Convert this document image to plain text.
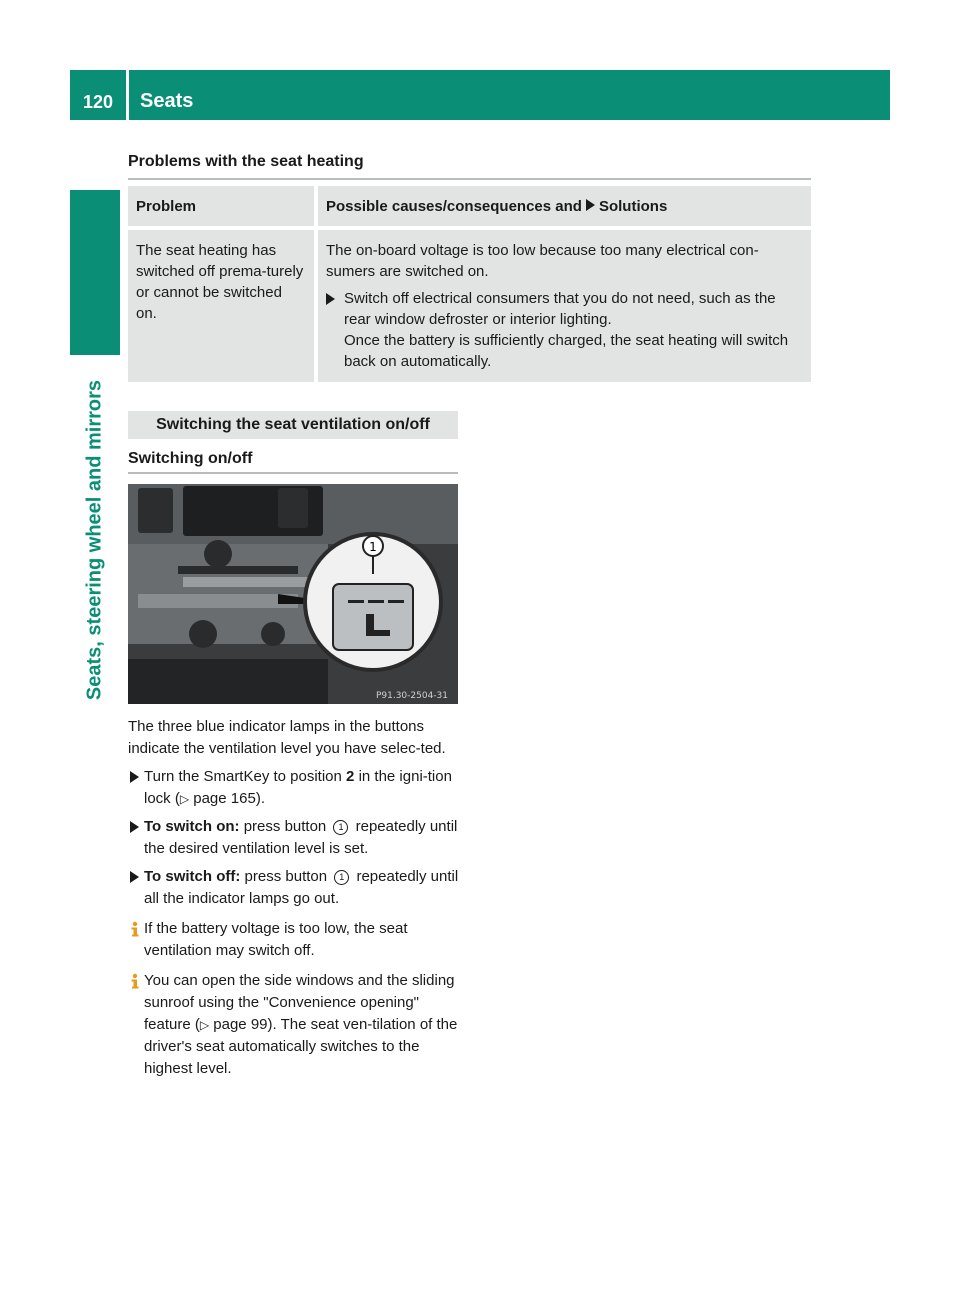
120	Seats
Seats, steering wheel and mirrors
Problems with the seat heating
Problem	Possible causes/consequences and Solutions
The seat heating has switched off prema-turely or cannot be switched on.	The on-board voltage is too low because too many electrical con-sumers are switched on.
Switch off electrical consumers that you do not need, such as the rear window defroster or interior lighting.
Once the battery is sufficiently charged, the seat heating will switch back on automatically.
Switching the seat ventilation on/off
Switching on/off
1
P91.30-2504-31

The three blue indicator lamps in the buttons indicate the ventilation level you have selec-ted.

Turn the SmartKey to position 2 in the igni-tion lock (▷ page 165).
To switch on: press button 1 repeatedly until the desired ventilation level is set.
To switch off: press button 1 repeatedly until all the indicator lamps go out.
If the battery voltage is too low, the seat ventilation may switch off.
You can open the side windows and the sliding sunroof using the "Convenience opening" feature (▷ page 99). The seat ven-tilation of the driver's seat automatically switches to the highest level.
